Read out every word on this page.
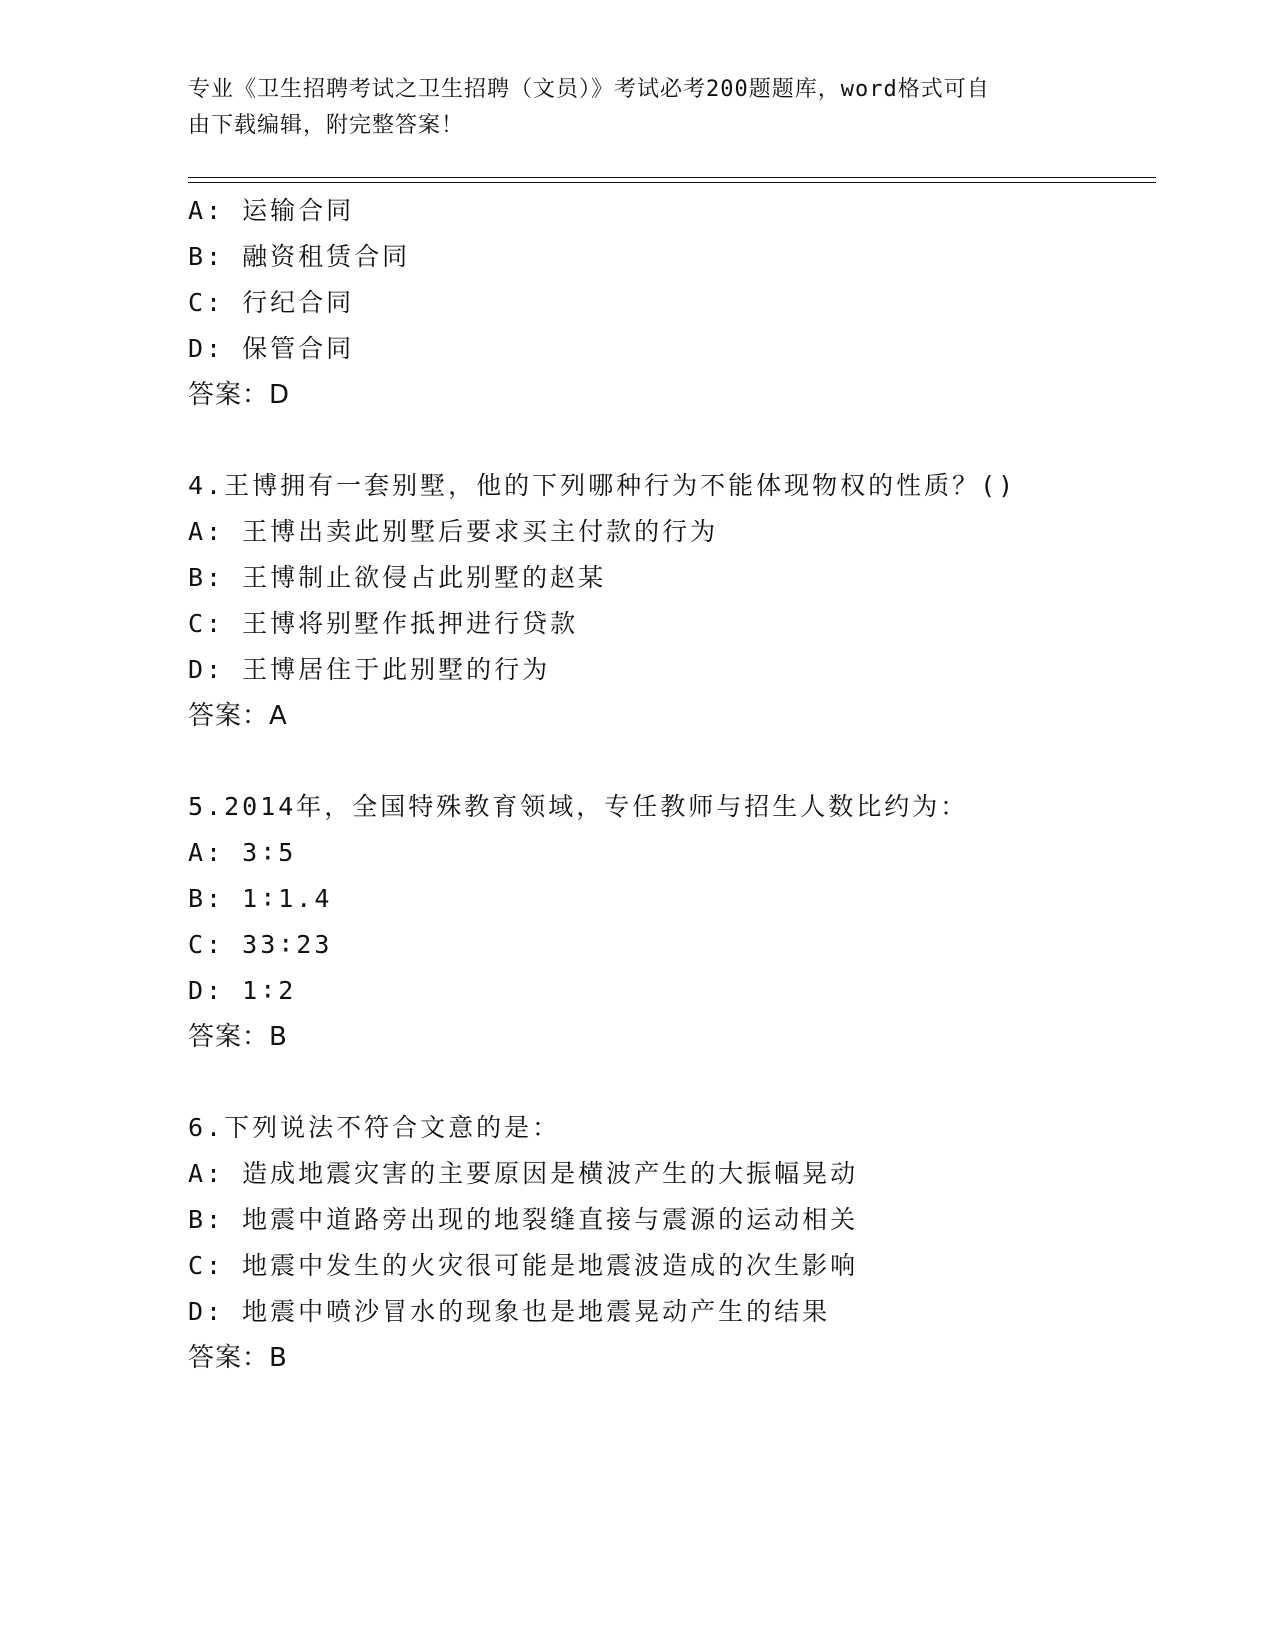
专业《卫生招聘考试之卫生招聘（文员）》考试必考200题题库，word格式可自
由下载编辑，附完整答案！
A: 运输合同
B: 融资租赁合同
C: 行纪合同
D: 保管合同
答案：D
4.王博拥有一套别墅，他的下列哪种行为不能体现物权的性质？()
A: 王博出卖此别墅后要求买主付款的行为
B: 王博制止欲侵占此别墅的赵某
C: 王博将别墅作抵押进行贷款
D: 王博居住于此别墅的行为
答案：A
5.2014年，全国特殊教育领域，专任教师与招生人数比约为：
A: 3∶5
B: 1∶1.4
C: 33∶23
D: 1∶2
答案：B
6.下列说法不符合文意的是：
A: 造成地震灾害的主要原因是横波产生的大振幅晃动
B: 地震中道路旁出现的地裂缝直接与震源的运动相关
C: 地震中发生的火灾很可能是地震波造成的次生影响
D: 地震中喷沙冒水的现象也是地震晃动产生的结果
答案：B
